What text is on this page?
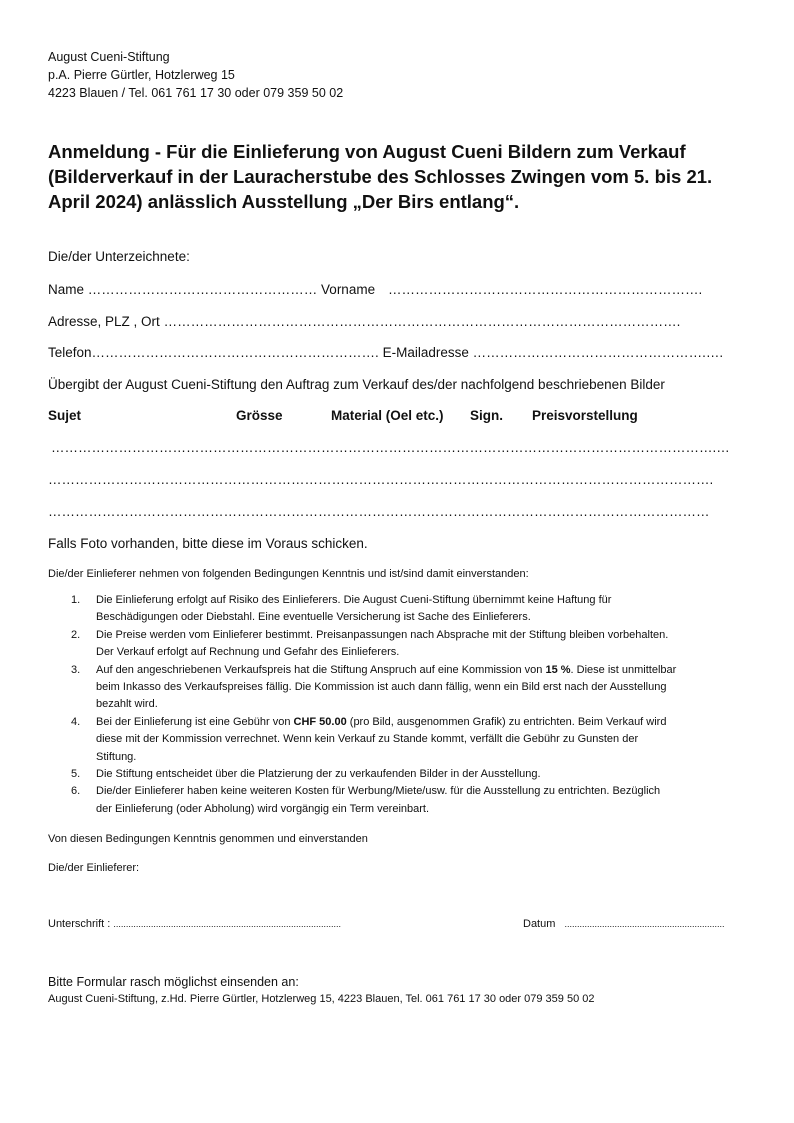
August Cueni-Stiftung
p.A. Pierre Gürtler, Hotzlerweg 15
4223 Blauen / Tel. 061 761 17 30 oder 079 359 50 02
Anmeldung - Für die Einlieferung von August Cueni Bildern zum Verkauf
(Bilderverkauf in der Lauracherstube des Schlosses Zwingen vom 5. bis 21.
April 2024) anlässlich Ausstellung „Der Birs entlang“.
Die/der Unterzeichnete:
Name …………………………………………… Vorname …………………………………………………………….
Adresse, PLZ , Ort …………………………………………………………………………………………………….
Telefon………………………………………………………. E-Mailadresse …………………………………………….….
Übergibt der August Cueni-Stiftung den Auftrag zum Verkauf des/der nachfolgend beschriebenen Bilder
Sujet	Grösse	Material (Oel etc.) Sign. Preisvorstellung
………………………………………………………………………………………………………………………………….…
………………………………………………………………………………………………………………………………….
…………………………………………………………………………………………………………………………………
Falls Foto vorhanden, bitte diese im Voraus schicken.
Die/der Einlieferer nehmen von folgenden Bedingungen Kenntnis und ist/sind damit einverstanden:
1. Die Einlieferung erfolgt auf Risiko des Einlieferers. Die August Cueni-Stiftung übernimmt keine Haftung für
Beschädigungen oder Diebstahl. Eine eventuelle Versicherung ist Sache des Einlieferers.
2. Die Preise werden vom Einlieferer bestimmt. Preisanpassungen nach Absprache mit der Stiftung bleiben vorbehalten.
Der Verkauf erfolgt auf Rechnung und Gefahr des Einlieferers.
3. Auf den angeschriebenen Verkaufspreis hat die Stiftung Anspruch auf eine Kommission von 15 %. Diese ist unmittelbar
beim Inkasso des Verkaufspreises fällig. Die Kommission ist auch dann fällig, wenn ein Bild erst nach der Ausstellung
bezahlt wird.
4. Bei der Einlieferung ist eine Gebühr von CHF 50.00 (pro Bild, ausgenommen Grafik) zu entrichten. Beim Verkauf wird
diese mit der Kommission verrechnet. Wenn kein Verkauf zu Stande kommt, verfällt die Gebühr zu Gunsten der
Stiftung.
5. Die Stiftung entscheidet über die Platzierung der zu verkaufenden Bilder in der Ausstellung.
6. Die/der Einlieferer haben keine weiteren Kosten für Werbung/Miete/usw. für die Ausstellung zu entrichten. Bezüglich
der Einlieferung (oder Abholung) wird vorgängig ein Term vereinbart.
Von diesen Bedingungen Kenntnis genommen und einverstanden
Die/der Einlieferer:
Unterschrift : ...........................................................................................	Datum ................................................................
Bitte Formular rasch möglichst einsenden an:
August Cueni-Stiftung, z.Hd. Pierre Gürtler, Hotzlerweg 15, 4223 Blauen, Tel. 061 761 17 30 oder 079 359 50 02
